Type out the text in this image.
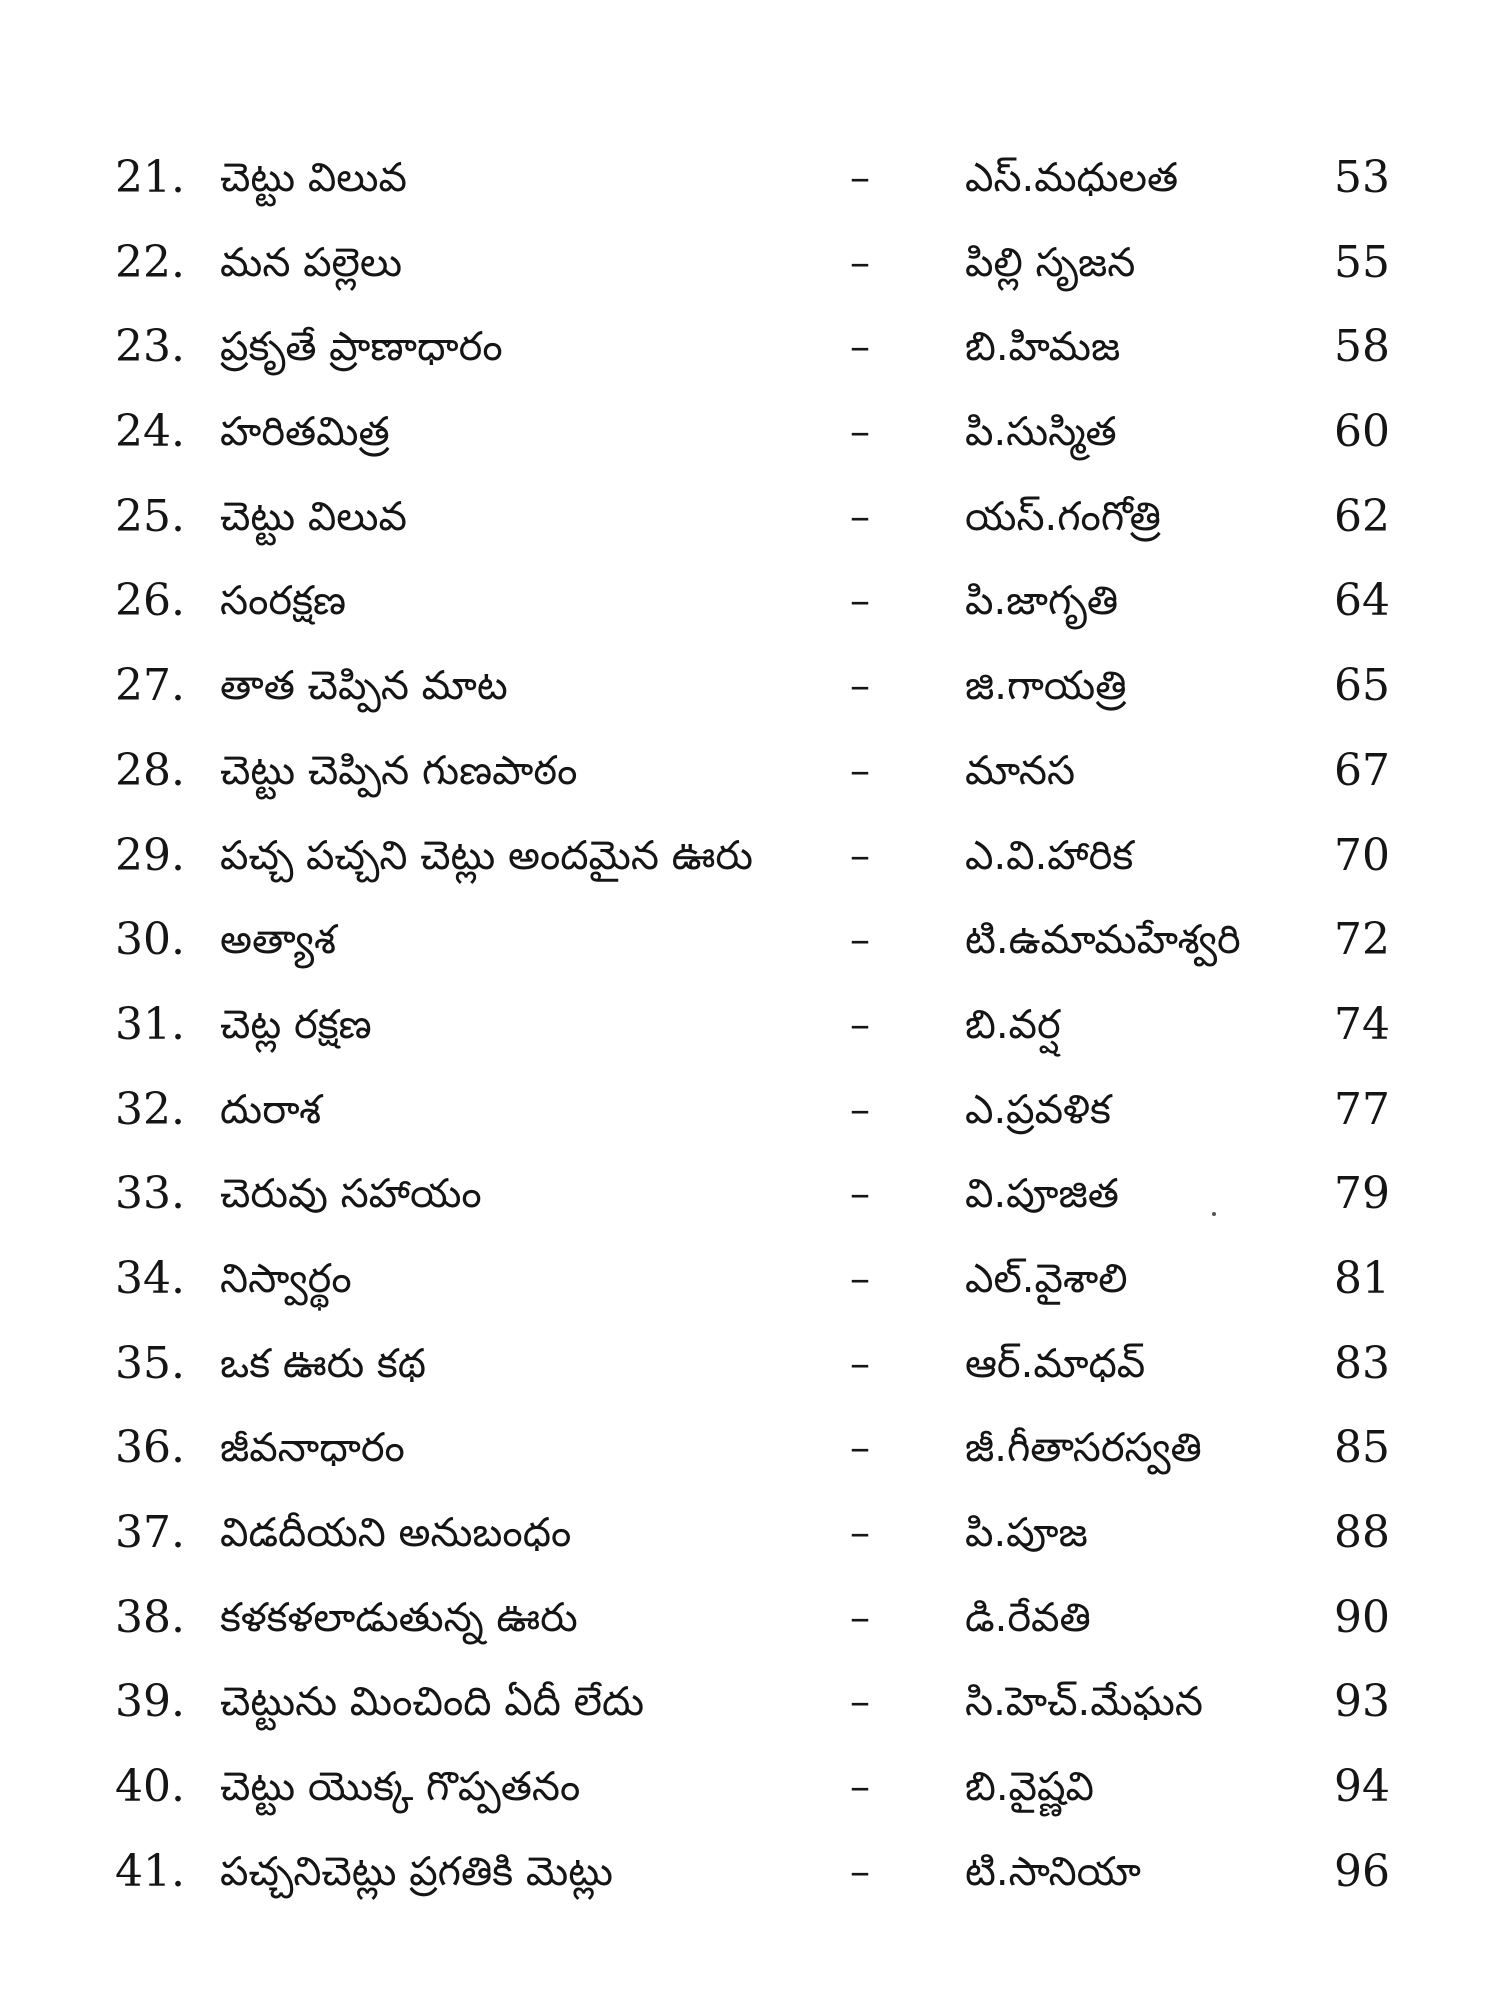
21. చెట్టు విలువ	– ఎస్.మధులత	53
22. మన పల్లెలు	– పిల్లి సృజన	55
23. ప్రకృతే ప్రాణాధారం	– బి.హిమజ	58
24. హరితమిత్ర	– పి.సుస్మిత	60
25. చెట్టు విలువ	– యస్.గంగోత్రి	62
26. సంరక్షణ	– పి.జాగృతి	64
27. తాత చెప్పిన మాట	– జి.గాయత్రి	65
28. చెట్టు చెప్పిన గుణపాఠం	– మానస	67
29. పచ్చ పచ్చని చెట్లు అందమైన ఊరు	– ఎ.వి.హారిక	70
30. అత్యాశ	– టి.ఉమామహేశ్వరి	72
31. చెట్ల రక్షణ	– బి.వర్ష	74
32. దురాశ	– ఎ.ప్రవళిక	77
33. చెరువు సహాయం	– వి.పూజిత	79
34. నిస్వార్థం	– ఎల్.వైశాలి	81
35. ఒక ఊరు కథ	– ఆర్.మాధవ్	83
36. జీవనాధారం	– జీ.గీతాసరస్వతి	85
37. విడదీయని అనుబంధం	– పి.పూజ	88
38. కళకళలాడుతున్న ఊరు	– డి.రేవతి	90
39. చెట్టును మించింది ఏదీ లేదు	– సి.హెచ్.మేఘన	93
40. చెట్టు యొక్క గొప్పతనం	– బి.వైష్ణవి	94
41. పచ్చనిచెట్లు ప్రగతికి మెట్లు	– టి.సానియా	96
